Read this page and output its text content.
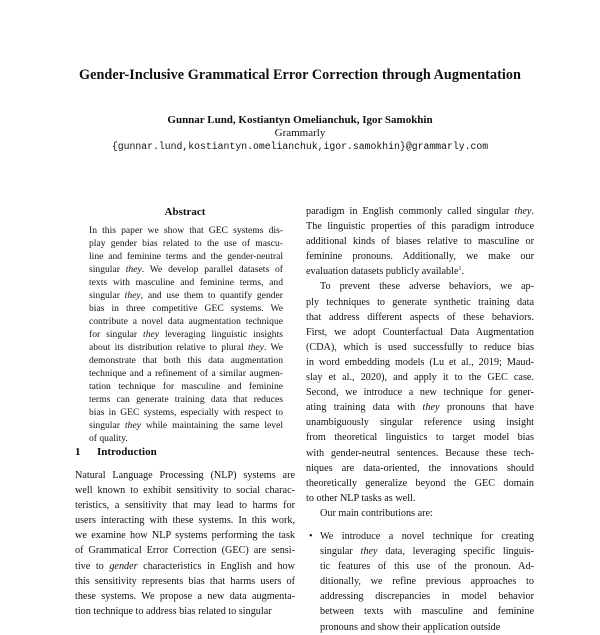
Gender-Inclusive Grammatical Error Correction through Augmentation
Gunnar Lund, Kostiantyn Omelianchuk, Igor Samokhin
Grammarly
{gunnar.lund,kostiantyn.omelianchuk,igor.samokhin}@grammarly.com
Abstract
In this paper we show that GEC systems dis-
play gender bias related to the use of mascu-
line and feminine terms and the gender-neutral
singular they. We develop parallel datasets of
texts with masculine and feminine terms, and
singular they, and use them to quantify gender
bias in three competitive GEC systems. We
contribute a novel data augmentation technique
for singular they leveraging linguistic insights
about its distribution relative to plural they. We
demonstrate that both this data augmentation
technique and a refinement of a similar augmen-
tation technique for masculine and feminine
terms can generate training data that reduces
bias in GEC systems, especially with respect to
singular they while maintaining the same level
of quality.
1 Introduction
Natural Language Processing (NLP) systems are
well known to exhibit sensitivity to social charac-
teristics, a sensitivity that may lead to harms for
users interacting with these systems. In this work,
we examine how NLP systems performing the task
of Grammatical Error Correction (GEC) are sensi-
tive to gender characteristics in English and how
this sensitivity represents bias that harms users of
these systems. We propose a new data augmenta-
tion technique to address bias related to singular
paradigm in English commonly called singular they.
The linguistic properties of this paradigm introduce
additional kinds of biases relative to masculine or
feminine pronouns. Additionally, we make our
evaluation datasets publicly available$^1$.
To prevent these adverse behaviors, we ap-
ply techniques to generate synthetic training data
that address different aspects of these behaviors.
First, we adopt Counterfactual Data Augmentation
(CDA), which is used successfully to reduce bias
in word embedding models (Lu et al., 2019; Maud-
slay et al., 2020), and apply it to the GEC case.
Second, we introduce a new technique for gener-
ating training data with they pronouns that have
unambiguously singular reference using insight
from theoretical linguistics to target model bias
with gender-neutral sentences. Because these tech-
niques are data-oriented, the innovations should
theoretically generalize beyond the GEC domain
to other NLP tasks as well.
Our main contributions are:
• We introduce a novel technique for creating
singular they data, leveraging specific linguis-
tic features of this use of the pronoun. Ad-
ditionally, we refine previous approaches to
addressing discrepancies in model behavior
between texts with masculine and feminine
pronouns and show their application outside
